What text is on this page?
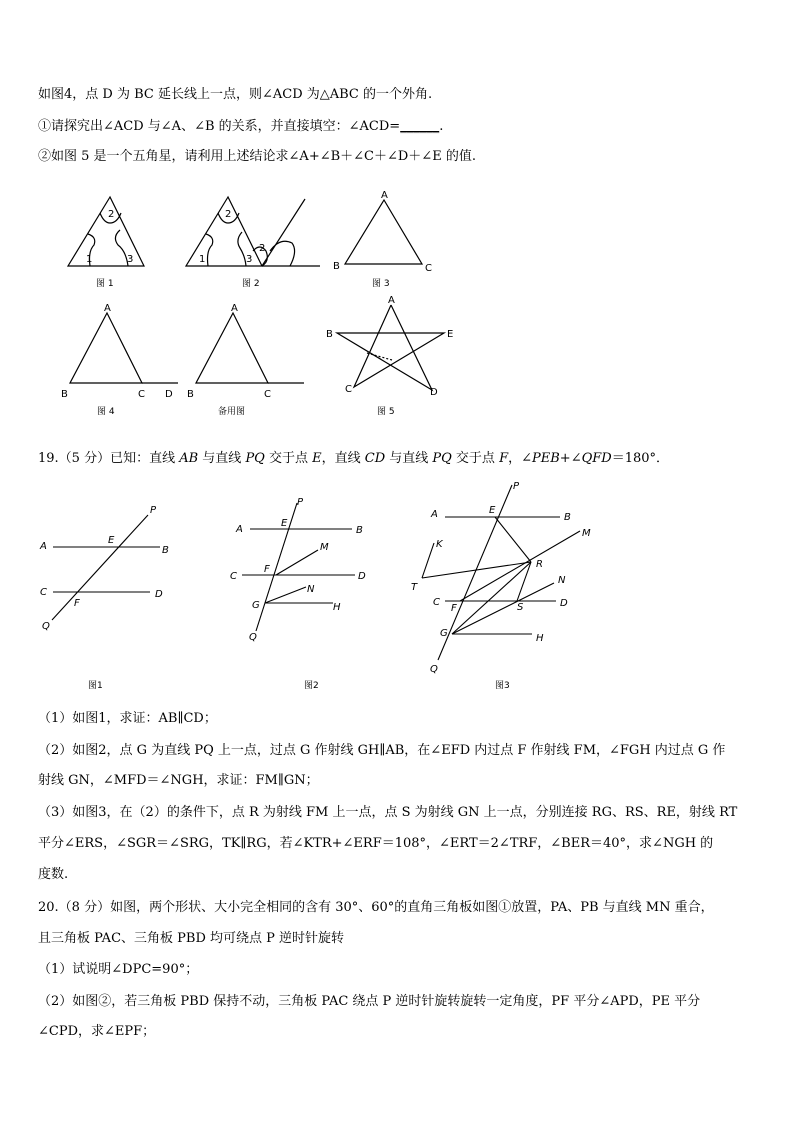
如图4，点 D 为 BC 延长线上一点，则∠ACD 为△ABC 的一个外角.
①请探究出∠ACD 与∠A、∠B 的关系，并直接填空：∠ACD=______.
②如图 5 是一个五角星，请利用上述结论求∠A+∠B＋∠C＋∠D＋∠E 的值.
2
1	3
2
1	3
2
A
B	C
A
B	C D
A
B	C
A
B	E
C	D
图 1	图 2	图 3
图 4	备用图	图 5
19.（5 分）已知：直线 AB 与直线 PQ 交于点 E，直线 CD 与直线 PQ 交于点 F，∠PEB+∠QFD＝180°．
P
A
E
B
C
F
D
Q
P
A
E
B
M
C
F
D
N
G	H
Q
P
A	E
B
M
K
T
R
N
C
F	S	D
G	H
Q
图1	图2	图3
（1）如图1，求证：AB∥CD；
（2）如图2，点 G 为直线 PQ 上一点，过点 G 作射线 GH∥AB，在∠EFD 内过点 F 作射线 FM，∠FGH 内过点 G 作
射线 GN，∠MFD＝∠NGH，求证：FM∥GN；
（3）如图3，在（2）的条件下，点 R 为射线 FM 上一点，点 S 为射线 GN 上一点，分别连接 RG、RS、RE，射线 RT
平分∠ERS，∠SGR＝∠SRG，TK∥RG，若∠KTR+∠ERF＝108°，∠ERT＝2∠TRF，∠BER＝40°，求∠NGH 的
度数.
20.（8 分）如图，两个形状、大小完全相同的含有 30°、60°的直角三角板如图①放置，PA、PB 与直线 MN 重合，
且三角板 PAC、三角板 PBD 均可绕点 P 逆时针旋转
（1）试说明∠DPC=90°；
（2）如图②，若三角板 PBD 保持不动，三角板 PAC 绕点 P 逆时针旋转旋转一定角度，PF 平分∠APD，PE 平分
∠CPD，求∠EPF；
